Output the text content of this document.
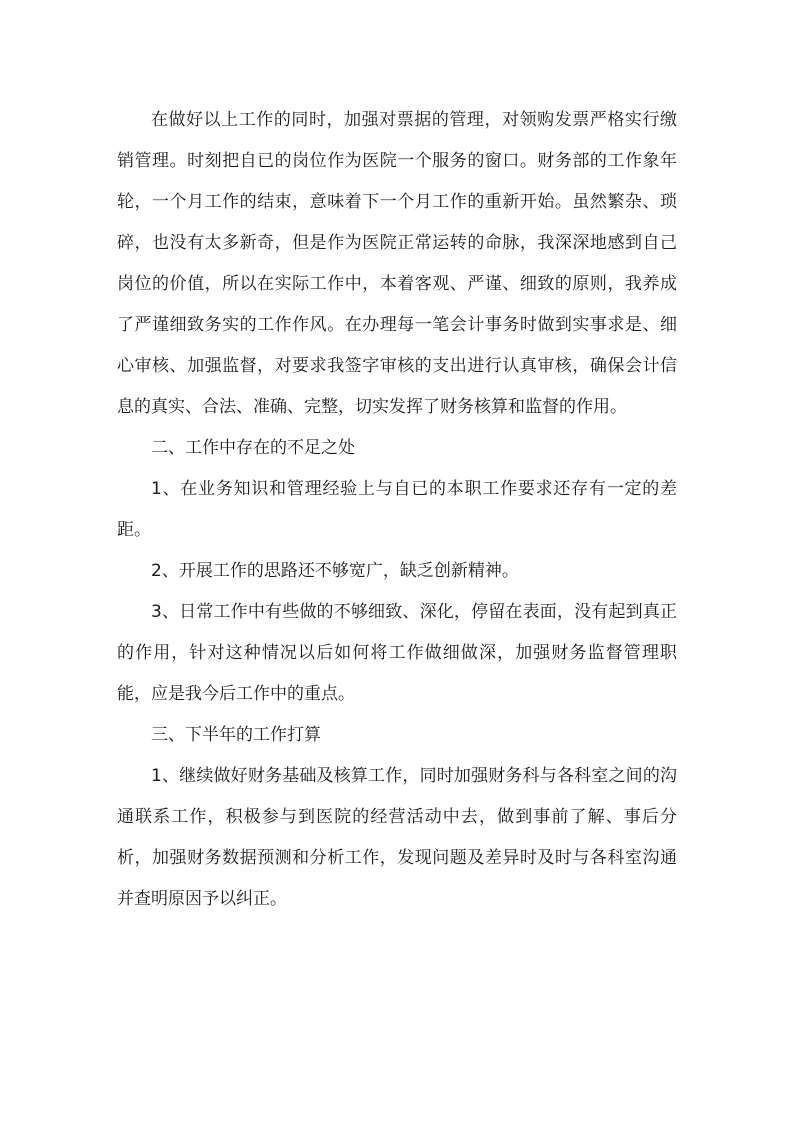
在做好以上工作的同时，加强对票据的管理，对领购发票严格实行缴销管理。时刻把自已的岗位作为医院一个服务的窗口。财务部的工作象年轮，一个月工作的结束，意味着下一个月工作的重新开始。虽然繁杂、琐碎，也没有太多新奇，但是作为医院正常运转的命脉，我深深地感到自己岗位的价值，所以在实际工作中，本着客观、严谨、细致的原则，我养成了严谨细致务实的工作作风。在办理每一笔会计事务时做到实事求是、细心审核、加强监督，对要求我签字审核的支出进行认真审核，确保会计信息的真实、合法、准确、完整，切实发挥了财务核算和监督的作用。

二、工作中存在的不足之处

1、在业务知识和管理经验上与自已的本职工作要求还存有一定的差距。

2、开展工作的思路还不够宽广，缺乏创新精神。

3、日常工作中有些做的不够细致、深化，停留在表面，没有起到真正的作用，针对这种情况以后如何将工作做细做深，加强财务监督管理职能，应是我今后工作中的重点。

三、下半年的工作打算

1、继续做好财务基础及核算工作，同时加强财务科与各科室之间的沟通联系工作，积极参与到医院的经营活动中去，做到事前了解、事后分析，加强财务数据预测和分析工作，发现问题及差异时及时与各科室沟通并查明原因予以纠正。
